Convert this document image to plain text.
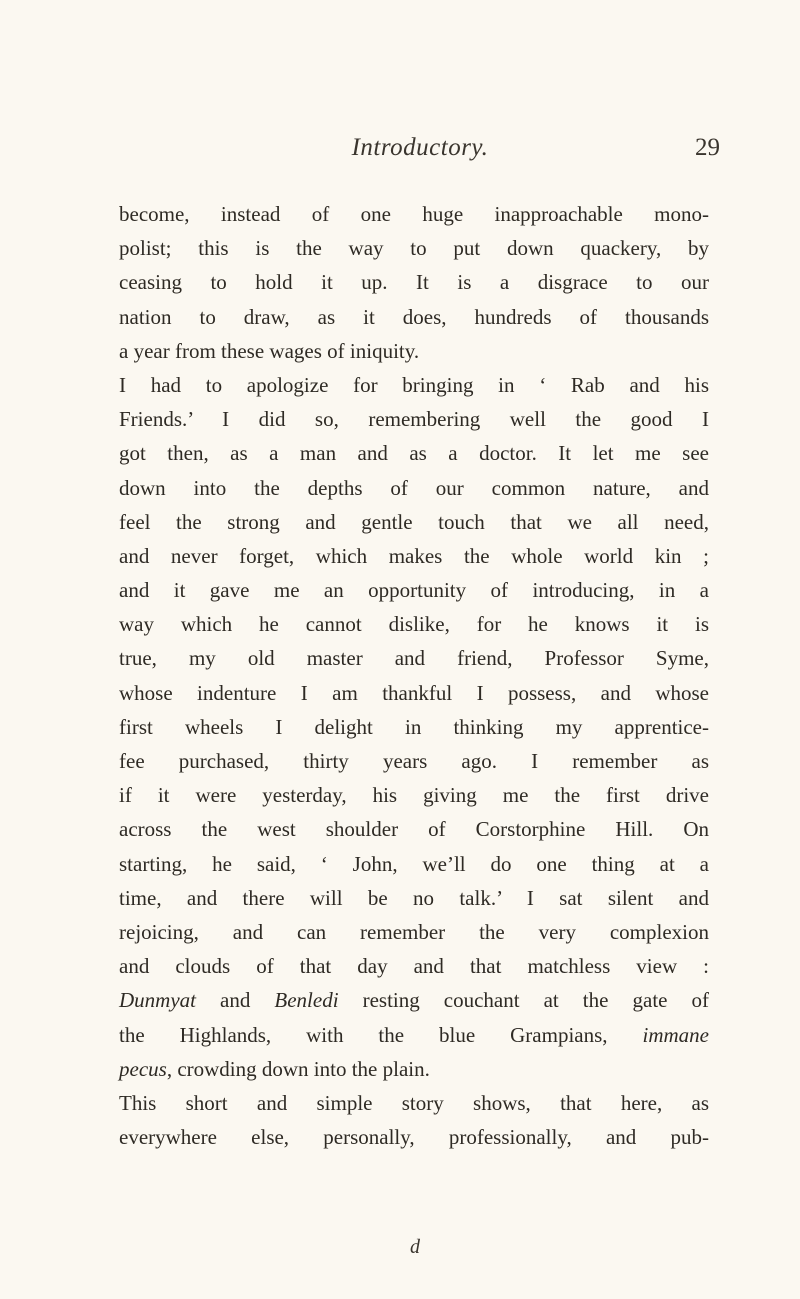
Introductory.	29
become, instead of one huge inapproachable mono-
polist; this is the way to put down quackery, by
ceasing to hold it up. It is a disgrace to our
nation to draw, as it does, hundreds of thousands
a year from these wages of iniquity.
I had to apologize for bringing in ‘ Rab and his
Friends.’ I did so, remembering well the good I
got then, as a man and as a doctor. It let me see
down into the depths of our common nature, and
feel the strong and gentle touch that we all need,
and never forget, which makes the whole world kin ;
and it gave me an opportunity of introducing, in a
way which he cannot dislike, for he knows it is
true, my old master and friend, Professor Syme,
whose indenture I am thankful I possess, and whose
first wheels I delight in thinking my apprentice-
fee purchased, thirty years ago. I remember as
if it were yesterday, his giving me the first drive
across the west shoulder of Corstorphine Hill. On
starting, he said, ‘ John, we’ll do one thing at a
time, and there will be no talk.’ I sat silent and
rejoicing, and can remember the very complexion
and clouds of that day and that matchless view :
Dunmyat and Benledi resting couchant at the gate of
the Highlands, with the blue Grampians, immane
pecus, crowding down into the plain.
This short and simple story shows, that here, as
everywhere else, personally, professionally, and pub-
d
